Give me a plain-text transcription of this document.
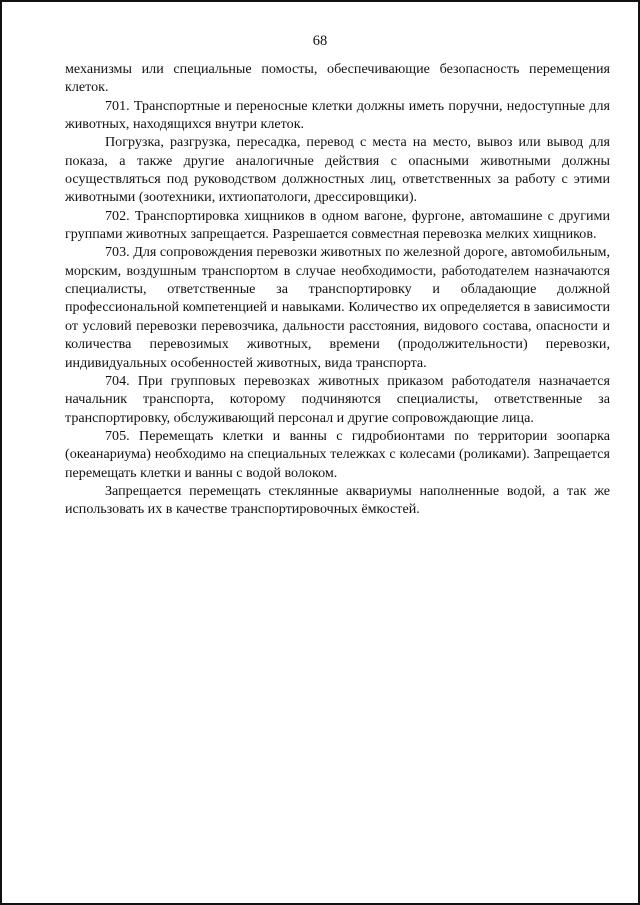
68

механизмы или специальные помосты, обеспечивающие безопасность перемещения клеток.

701. Транспортные и переносные клетки должны иметь поручни, недоступные для животных, находящихся внутри клеток.

Погрузка, разгрузка, пересадка, перевод с места на место, вывоз или вывод для показа, а также другие аналогичные действия с опасными животными должны осуществляться под руководством должностных лиц, ответственных за работу с этими животными (зоотехники, ихтиопатологи, дрессировщики).

702. Транспортировка хищников в одном вагоне, фургоне, автомашине с другими группами животных запрещается. Разрешается совместная перевозка мелких хищников.

703. Для сопровождения перевозки животных по железной дороге, автомобильным, морским, воздушным транспортом в случае необходимости, работодателем назначаются специалисты, ответственные за транспортировку и обладающие должной профессиональной компетенцией и навыками. Количество их определяется в зависимости от условий перевозки перевозчика, дальности расстояния, видового состава, опасности и количества перевозимых животных, времени (продолжительности) перевозки, индивидуальных особенностей животных, вида транспорта.

704. При групповых перевозках животных приказом работодателя назначается начальник транспорта, которому подчиняются специалисты, ответственные за транспортировку, обслуживающий персонал и другие сопровождающие лица.

705. Перемещать клетки и ванны с гидробионтами по территории зоопарка (океанариума) необходимо на специальных тележках с колесами (роликами). Запрещается перемещать клетки и ванны с водой волоком.

Запрещается перемещать стеклянные аквариумы наполненные водой, а так же использовать их в качестве транспортировочных ёмкостей.
